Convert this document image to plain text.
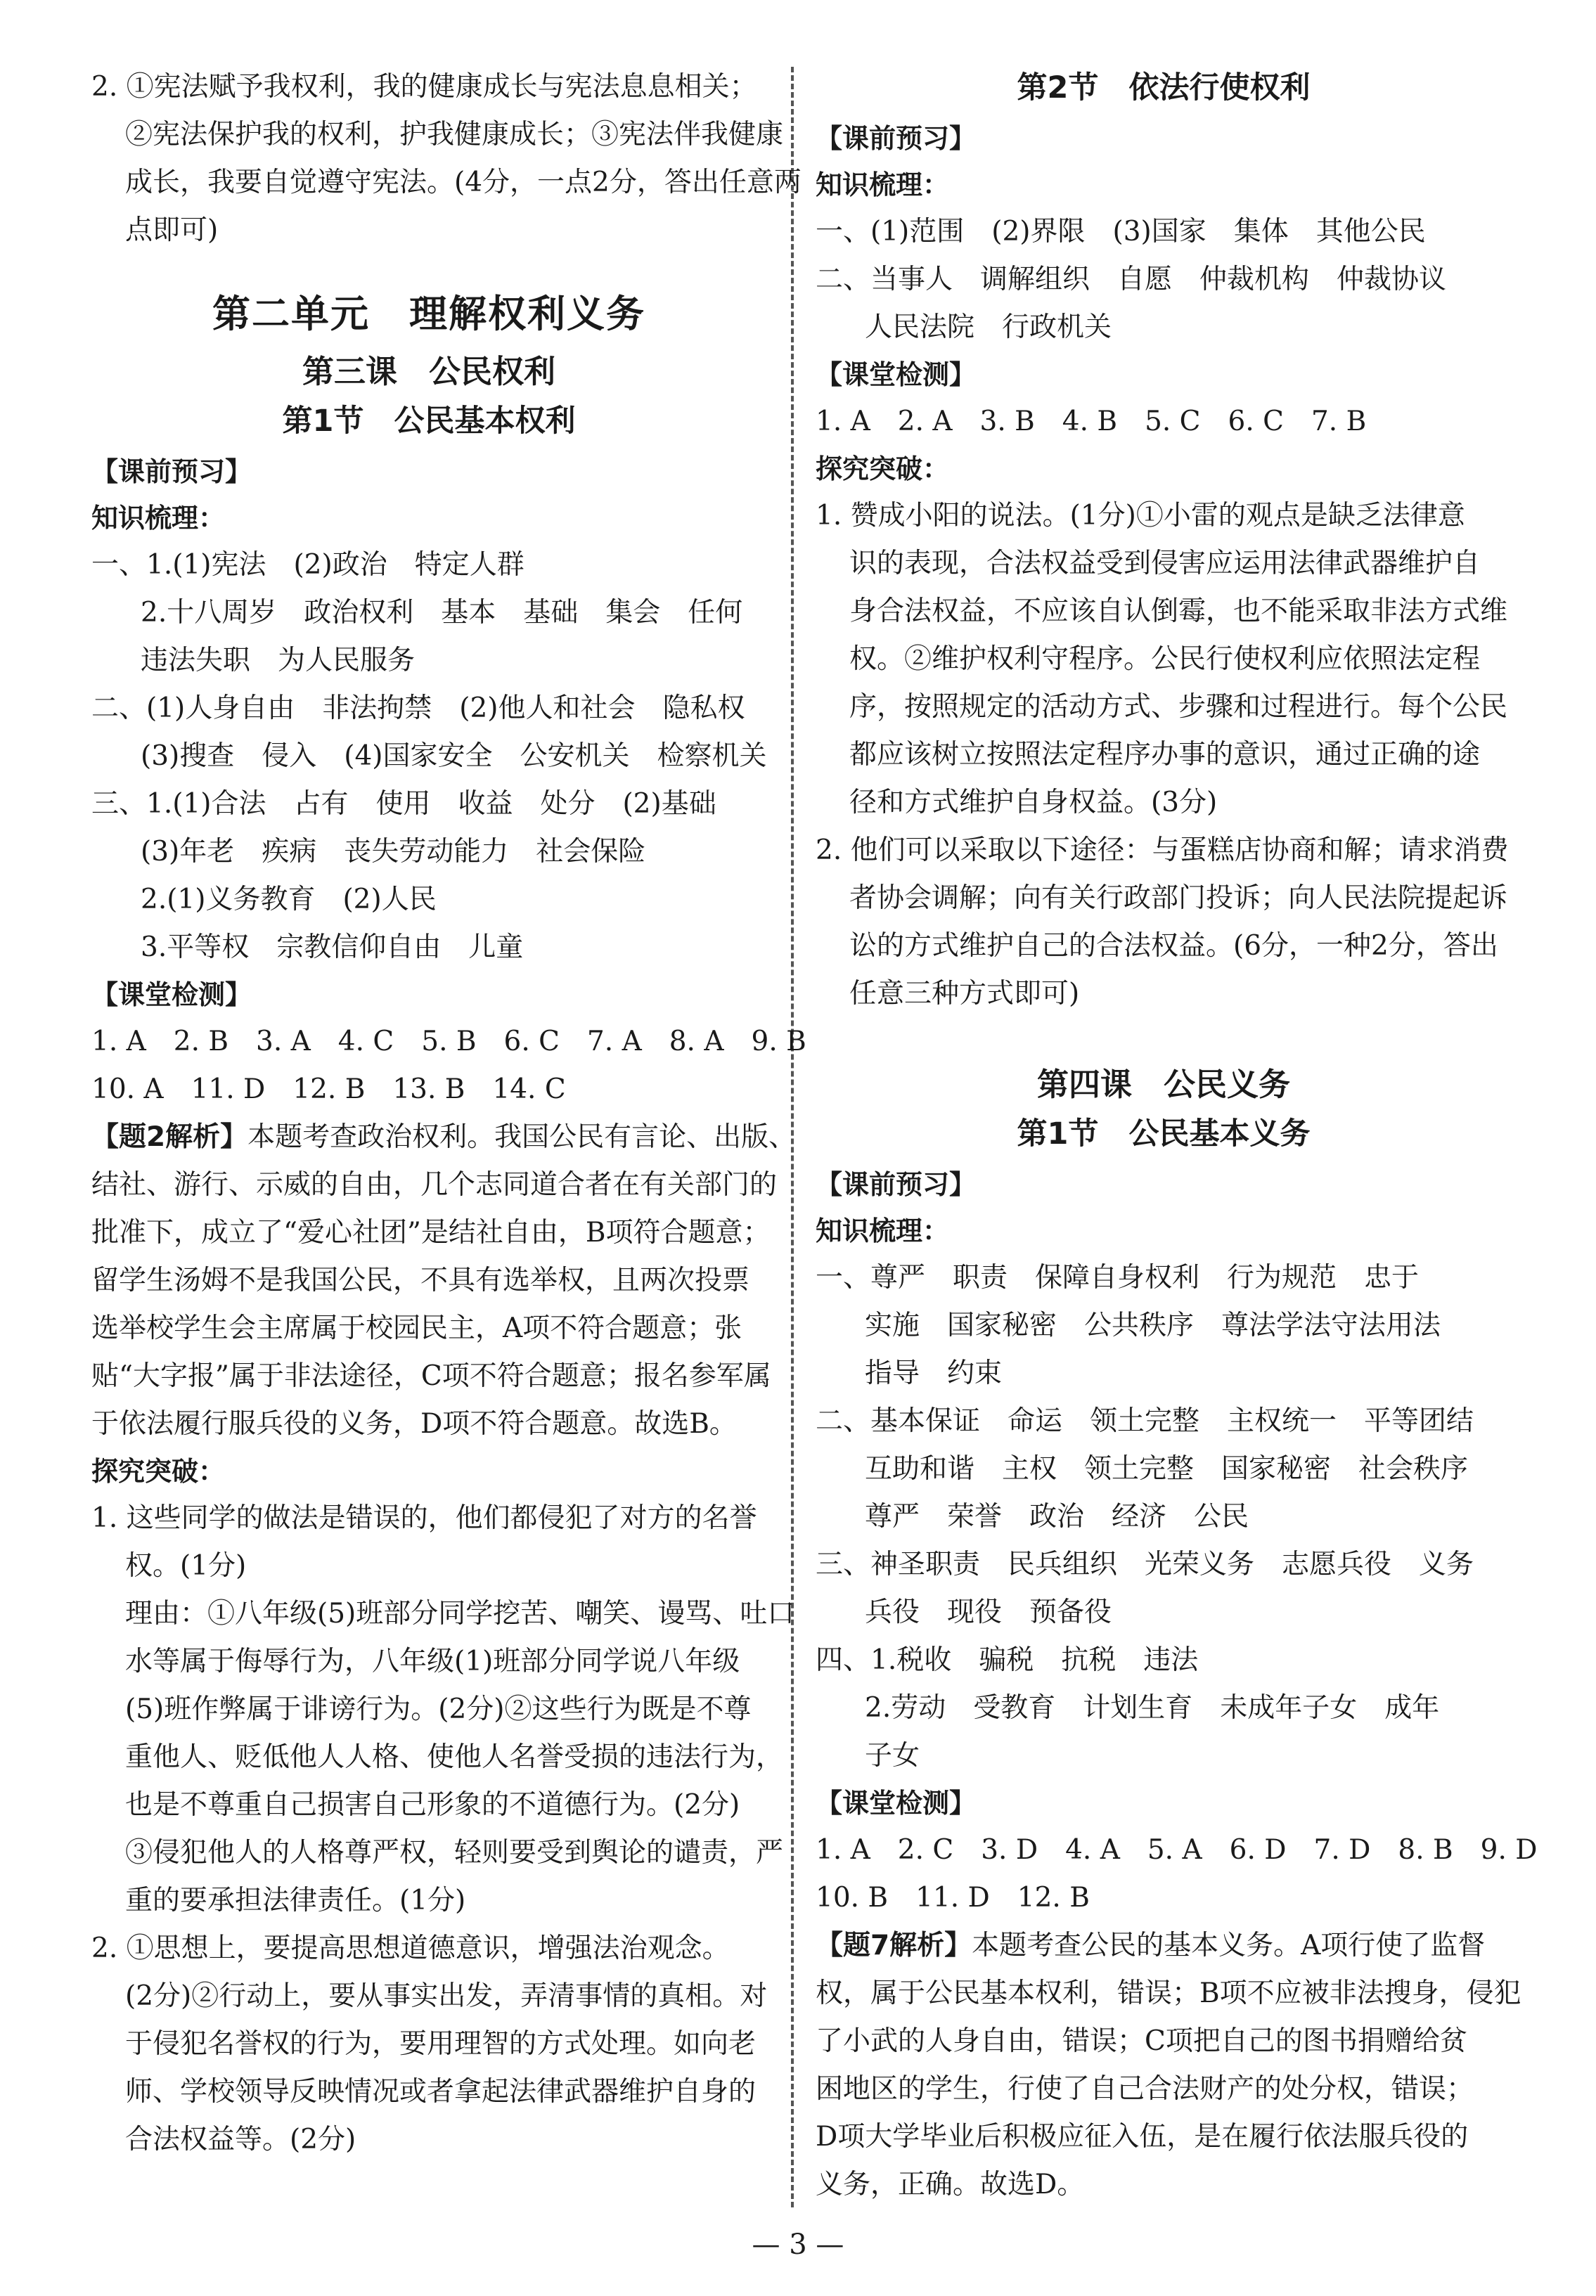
2. ①宪法赋予我权利，我的健康成长与宪法息息相关；

②宪法保护我的权利，护我健康成长；③宪法伴我健康

成长，我要自觉遵守宪法。(4分，一点2分，答出任意两

点即可)

第二单元　理解权利义务

第三课　公民权利

第1节　公民基本权利

【课前预习】

知识梳理：

一、1.(1)宪法　(2)政治　特定人群

2.十八周岁　政治权利　基本　基础　集会　任何

违法失职　为人民服务

二、(1)人身自由　非法拘禁　(2)他人和社会　隐私权

(3)搜查　侵入　(4)国家安全　公安机关　检察机关

三、1.(1)合法　占有　使用　收益　处分　(2)基础

(3)年老　疾病　丧失劳动能力　社会保险

2.(1)义务教育　(2)人民

3.平等权　宗教信仰自由　儿童

【课堂检测】

1. A　2. B　3. A　4. C　5. B　6. C　7. A　8. A　9. B

10. A　11. D　12. B　13. B　14. C

【题2解析】本题考查政治权利。我国公民有言论、出版、

结社、游行、示威的自由，几个志同道合者在有关部门的

批准下，成立了“爱心社团”是结社自由，B项符合题意；

留学生汤姆不是我国公民，不具有选举权，且两次投票

选举校学生会主席属于校园民主，A项不符合题意；张

贴“大字报”属于非法途径，C项不符合题意；报名参军属

于依法履行服兵役的义务，D项不符合题意。故选B。

探究突破：

1. 这些同学的做法是错误的，他们都侵犯了对方的名誉

权。(1分)

理由：①八年级(5)班部分同学挖苦、嘲笑、谩骂、吐口

水等属于侮辱行为，八年级(1)班部分同学说八年级

(5)班作弊属于诽谤行为。(2分)②这些行为既是不尊

重他人、贬低他人人格、使他人名誉受损的违法行为，

也是不尊重自己损害自己形象的不道德行为。(2分)

③侵犯他人的人格尊严权，轻则要受到舆论的谴责，严

重的要承担法律责任。(1分)

2. ①思想上，要提高思想道德意识，增强法治观念。

(2分)②行动上，要从事实出发，弄清事情的真相。对

于侵犯名誉权的行为，要用理智的方式处理。如向老

师、学校领导反映情况或者拿起法律武器维护自身的

合法权益等。(2分)

第2节　依法行使权利

【课前预习】

知识梳理：

一、(1)范围　(2)界限　(3)国家　集体　其他公民

二、当事人　调解组织　自愿　仲裁机构　仲裁协议

人民法院　行政机关

【课堂检测】

1. A　2. A　3. B　4. B　5. C　6. C　7. B

探究突破：

1. 赞成小阳的说法。(1分)①小雷的观点是缺乏法律意

识的表现，合法权益受到侵害应运用法律武器维护自

身合法权益，不应该自认倒霉，也不能采取非法方式维

权。②维护权利守程序。公民行使权利应依照法定程

序，按照规定的活动方式、步骤和过程进行。每个公民

都应该树立按照法定程序办事的意识，通过正确的途

径和方式维护自身权益。(3分)

2. 他们可以采取以下途径：与蛋糕店协商和解；请求消费

者协会调解；向有关行政部门投诉；向人民法院提起诉

讼的方式维护自己的合法权益。(6分，一种2分，答出

任意三种方式即可)

第四课　公民义务

第1节　公民基本义务

【课前预习】

知识梳理：

一、尊严　职责　保障自身权利　行为规范　忠于

实施　国家秘密　公共秩序　尊法学法守法用法

指导　约束

二、基本保证　命运　领土完整　主权统一　平等团结

互助和谐　主权　领土完整　国家秘密　社会秩序

尊严　荣誉　政治　经济　公民

三、神圣职责　民兵组织　光荣义务　志愿兵役　义务

兵役　现役　预备役

四、1.税收　骗税　抗税　违法

2.劳动　受教育　计划生育　未成年子女　成年

子女

【课堂检测】

1. A　2. C　3. D　4. A　5. A　6. D　7. D　8. B　9. D

10. B　11. D　12. B

【题7解析】本题考查公民的基本义务。A项行使了监督

权，属于公民基本权利，错误；B项不应被非法搜身，侵犯

了小武的人身自由，错误；C项把自己的图书捐赠给贫

困地区的学生，行使了自己合法财产的处分权，错误；

D项大学毕业后积极应征入伍，是在履行依法服兵役的

义务，正确。故选D。

— 3 —
